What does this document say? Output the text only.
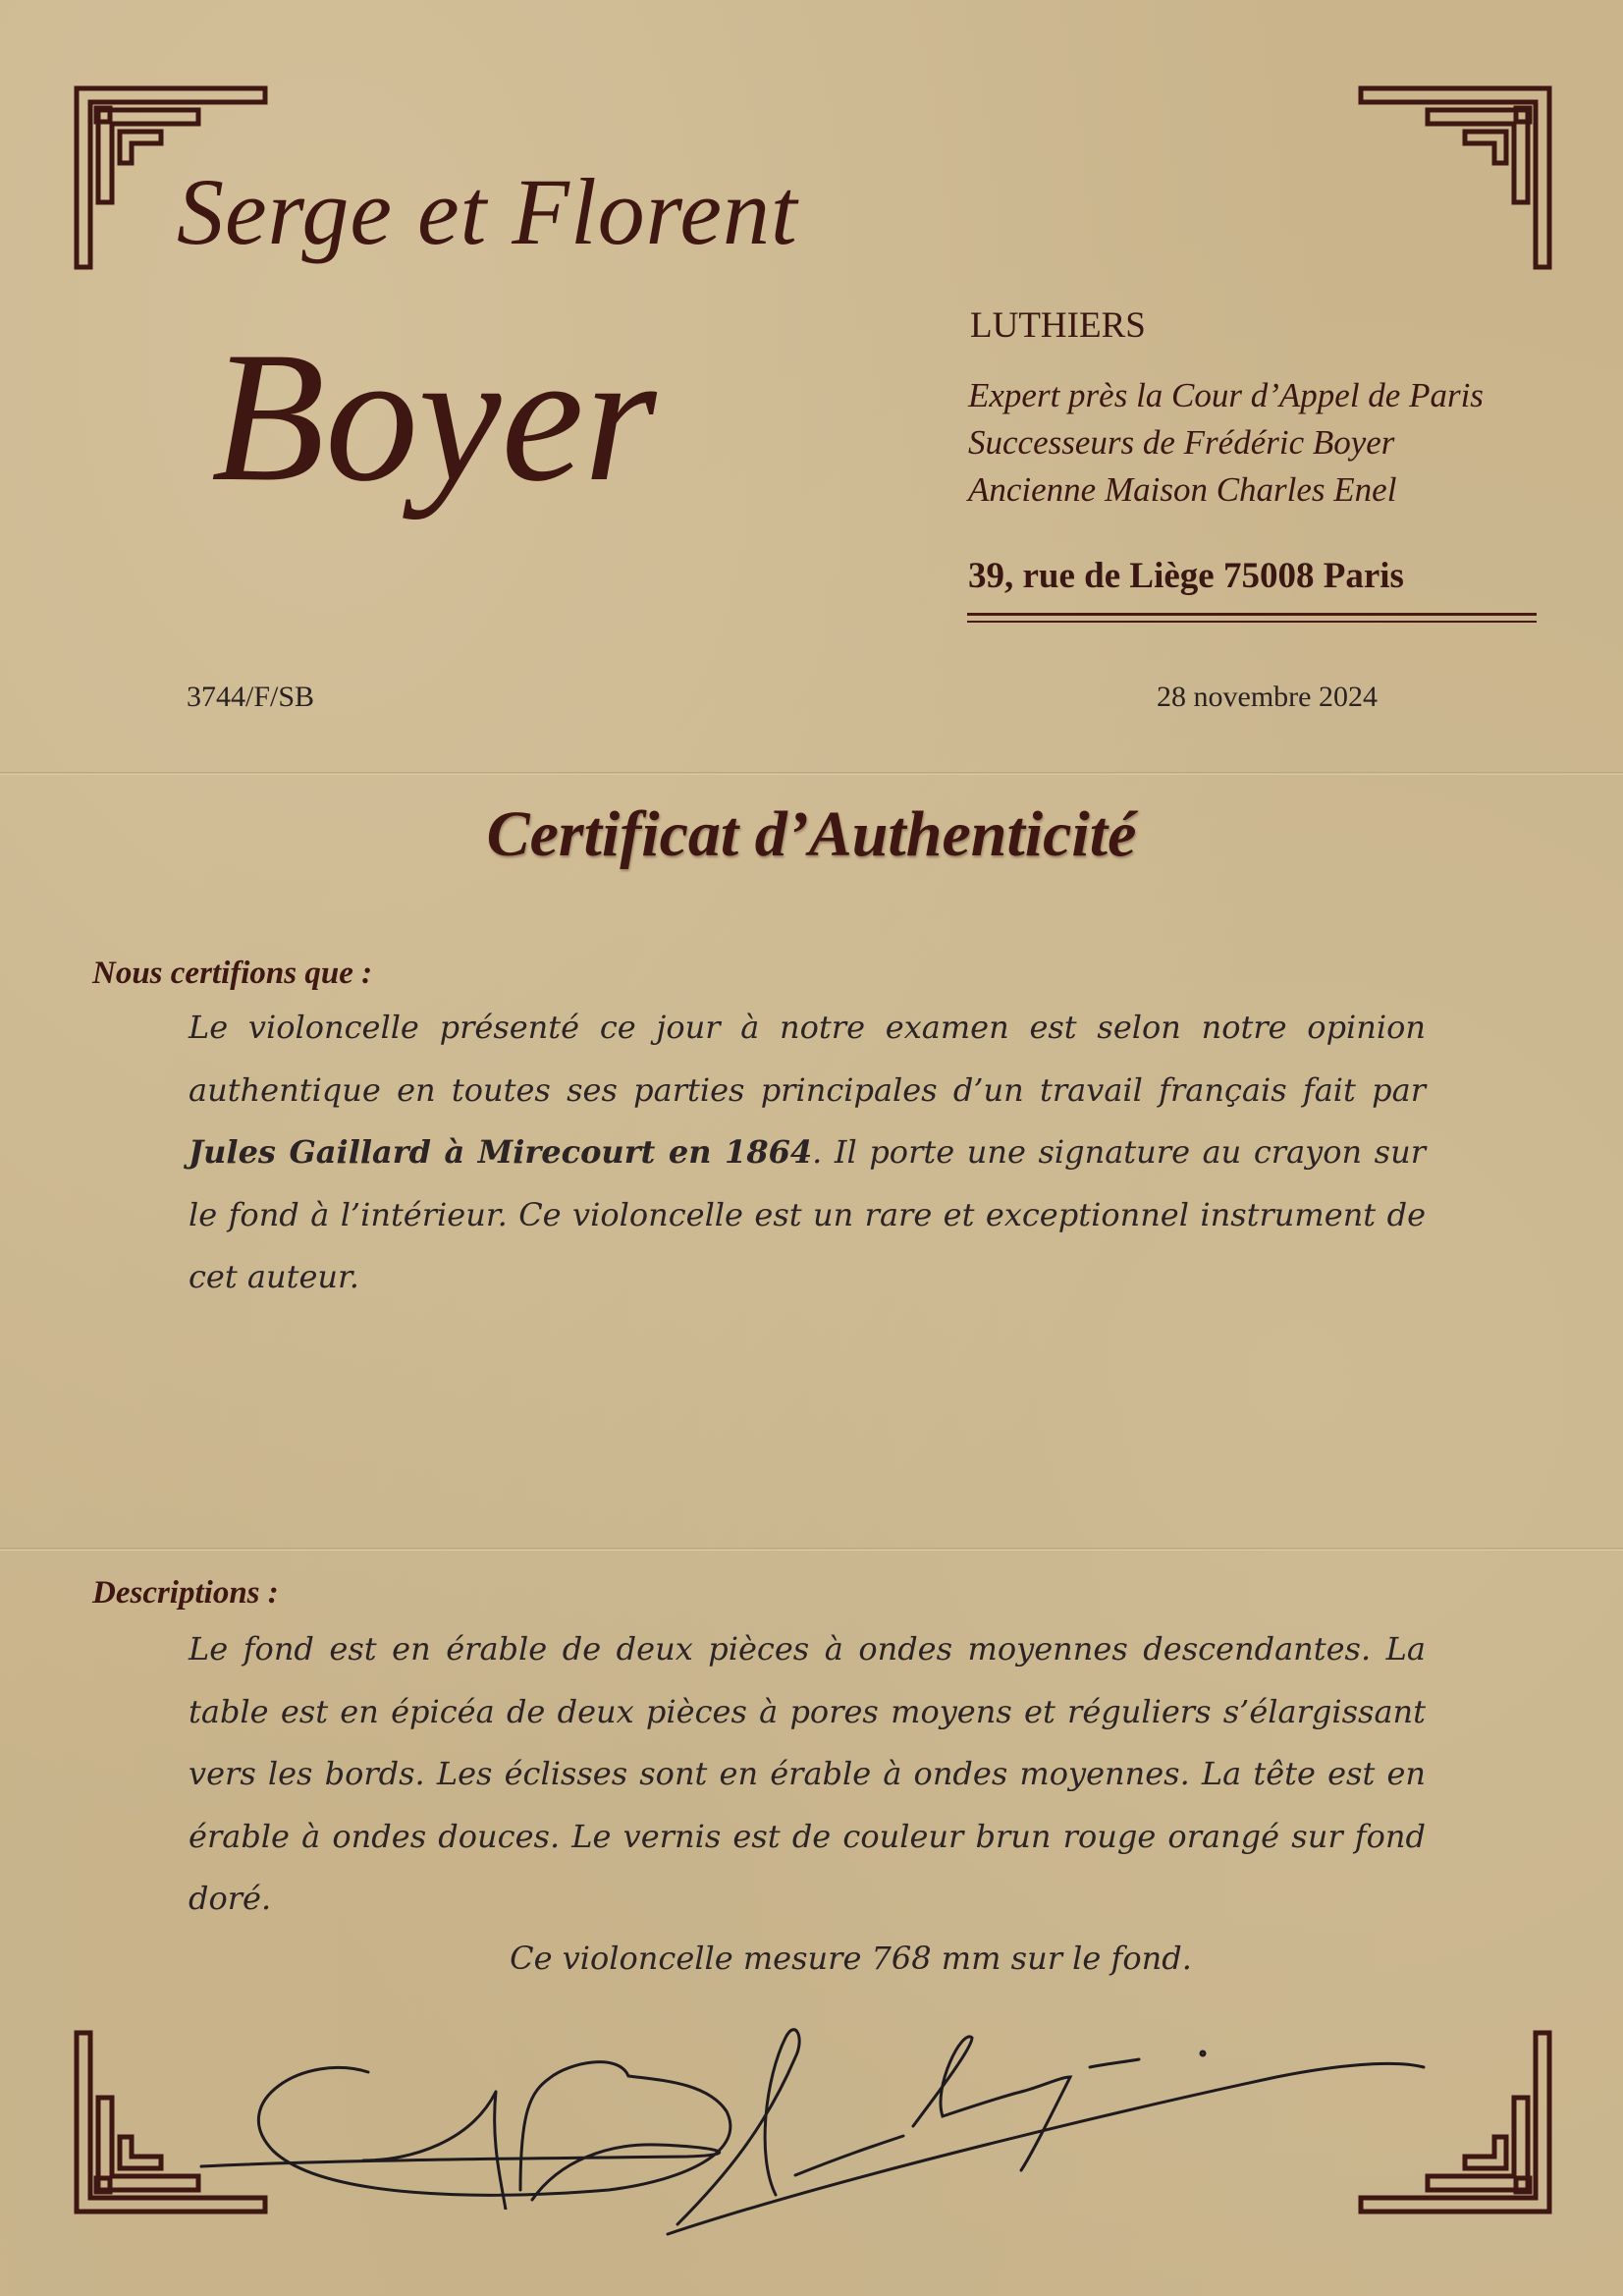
Serge et Florent
Boyer	LUTHIERS
Expert près la Cour d’Appel de Paris
Successeurs de Frédéric Boyer
Ancienne Maison Charles Enel
39, rue de Liège 75008 Paris
3744/F/SB	28 novembre 2024
Certificat d’Authenticité
Nous certifions que :
Le violoncelle présenté ce jour à notre examen est selon notre opinion authentique en toutes ses parties principales d’un travail français fait par Jules Gaillard à Mirecourt en 1864. Il porte une signature au crayon sur le fond à l’intérieur. Ce violoncelle est un rare et exceptionnel instrument de cet auteur.
Descriptions :
Le fond est en érable de deux pièces à ondes moyennes descendantes. La table est en épicéa de deux pièces à pores moyens et réguliers s’élargissant vers les bords. Les éclisses sont en érable à ondes moyennes. La tête est en érable à ondes douces. Le vernis est de couleur brun rouge orangé sur fond doré.
Ce violoncelle mesure 768 mm sur le fond.
